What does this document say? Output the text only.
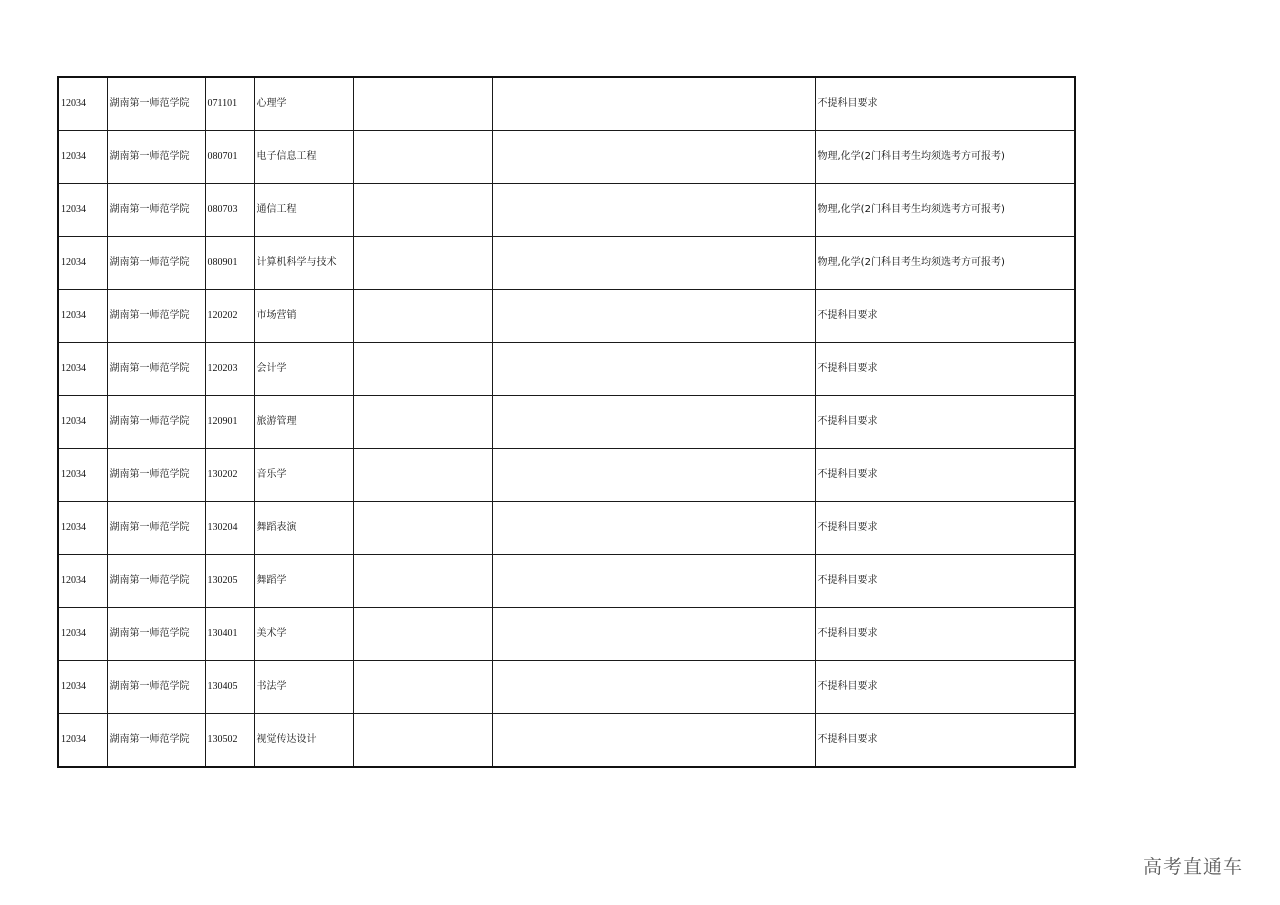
12034	湖南第一师范学院	071101	心理学			不提科目要求
12034	湖南第一师范学院	080701	电子信息工程			物理,化学(2门科目考生均须选考方可报考)
12034	湖南第一师范学院	080703	通信工程			物理,化学(2门科目考生均须选考方可报考)
12034	湖南第一师范学院	080901	计算机科学与技术			物理,化学(2门科目考生均须选考方可报考)
12034	湖南第一师范学院	120202	市场营销			不提科目要求
12034	湖南第一师范学院	120203	会计学			不提科目要求
12034	湖南第一师范学院	120901	旅游管理			不提科目要求
12034	湖南第一师范学院	130202	音乐学			不提科目要求
12034	湖南第一师范学院	130204	舞蹈表演			不提科目要求
12034	湖南第一师范学院	130205	舞蹈学			不提科目要求
12034	湖南第一师范学院	130401	美术学			不提科目要求
12034	湖南第一师范学院	130405	书法学			不提科目要求
12034	湖南第一师范学院	130502	视觉传达设计			不提科目要求
高考直通车
